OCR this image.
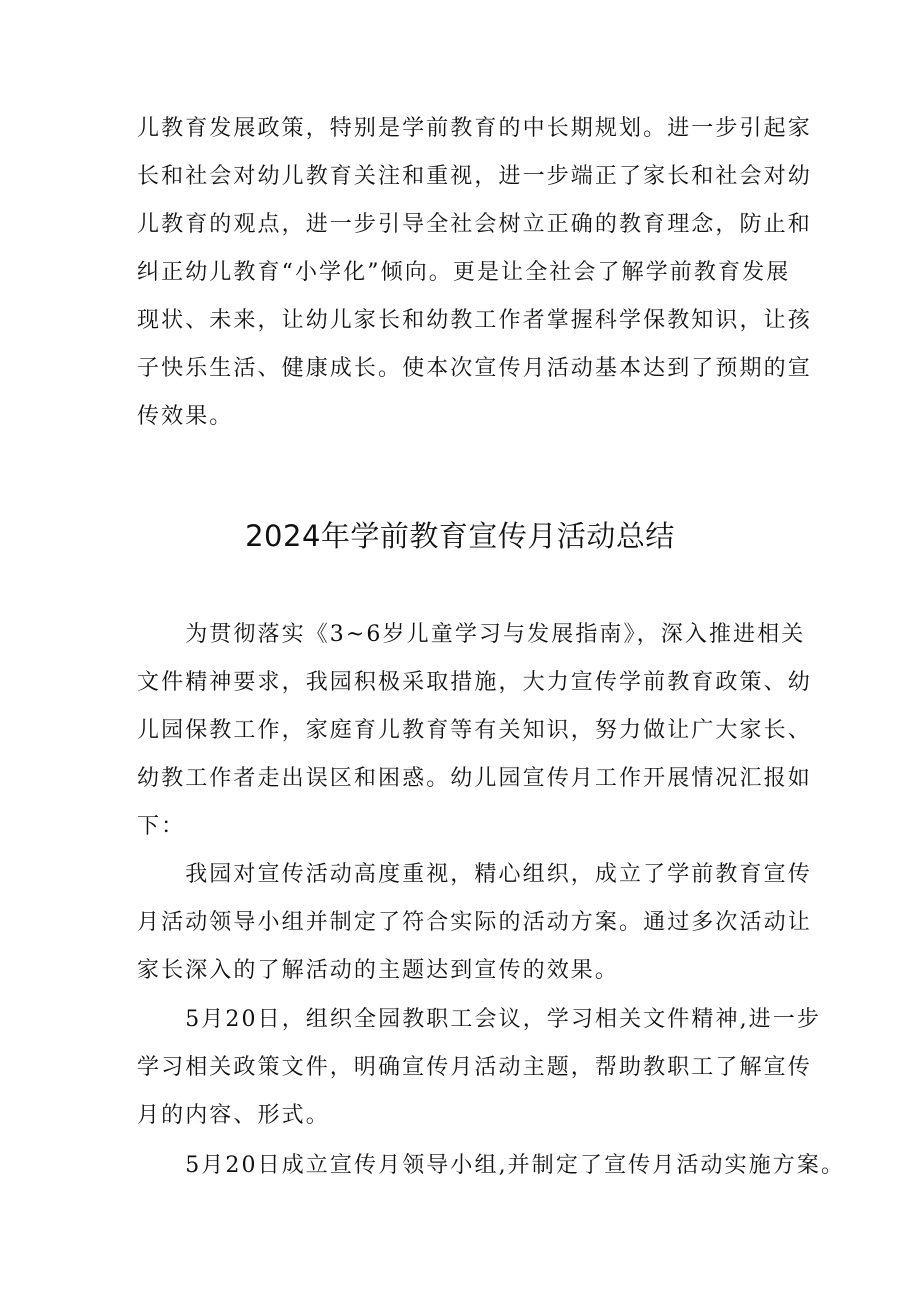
儿教育发展政策，特别是学前教育的中长期规划。进一步引起家
长和社会对幼儿教育关注和重视，进一步端正了家长和社会对幼
儿教育的观点，进一步引导全社会树立正确的教育理念，防止和
纠正幼儿教育“小学化”倾向。更是让全社会了解学前教育发展
现状、未来，让幼儿家长和幼教工作者掌握科学保教知识，让孩
子快乐生活、健康成长。使本次宣传月活动基本达到了预期的宣
传效果。
2024年学前教育宣传月活动总结
　　为贯彻落实《3~6岁儿童学习与发展指南》，深入推进相关
文件精神要求，我园积极采取措施，大力宣传学前教育政策、幼
儿园保教工作，家庭育儿教育等有关知识，努力做让广大家长、
幼教工作者走出误区和困惑。幼儿园宣传月工作开展情况汇报如
下：
　　我园对宣传活动高度重视，精心组织，成立了学前教育宣传
月活动领导小组并制定了符合实际的活动方案。通过多次活动让
家长深入的了解活动的主题达到宣传的效果。
　　5月20日，组织全园教职工会议，学习相关文件精神,进一步
学习相关政策文件，明确宣传月活动主题，帮助教职工了解宣传
月的内容、形式。
　　5月20日成立宣传月领导小组,并制定了宣传月活动实施方案。
